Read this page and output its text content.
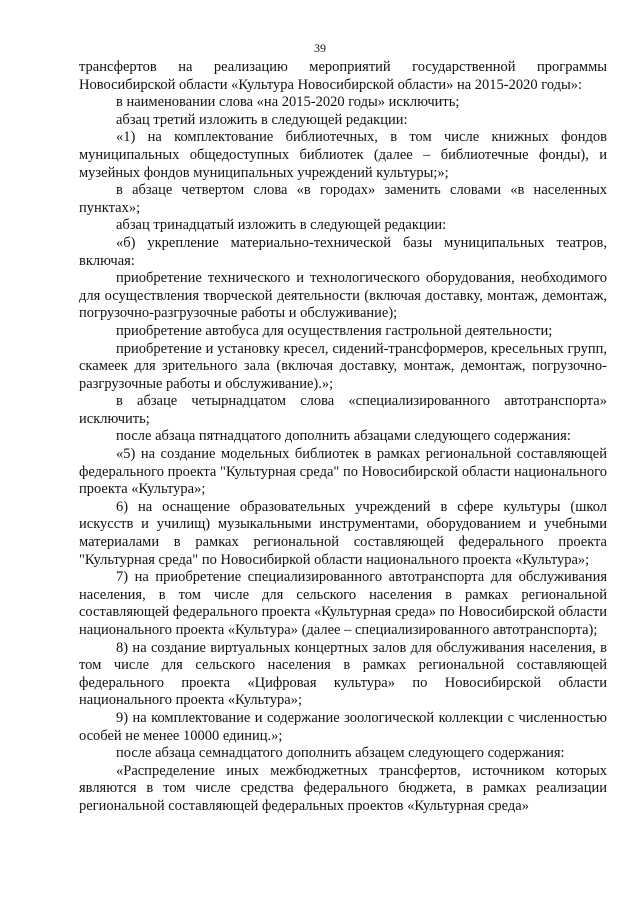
39

трансфертов на реализацию мероприятий государственной программы Новосибирской области «Культура Новосибирской области» на 2015-2020 годы»:

в наименовании слова «на 2015-2020 годы» исключить;

абзац третий изложить в следующей редакции:

«1) на комплектование библиотечных, в том числе книжных фондов муниципальных общедоступных библиотек (далее – библиотечные фонды), и музейных фондов муниципальных учреждений культуры;»;

в абзаце четвертом слова «в городах» заменить словами «в населенных пунктах»;

абзац тринадцатый изложить в следующей редакции:

«б) укрепление материально-технической базы муниципальных театров, включая:

приобретение технического и технологического оборудования, необходимого для осуществления творческой деятельности (включая доставку, монтаж, демонтаж, погрузочно-разгрузочные работы и обслуживание);

приобретение автобуса для осуществления гастрольной деятельности;

приобретение и установку кресел, сидений-трансформеров, кресельных групп, скамеек для зрительного зала (включая доставку, монтаж, демонтаж, погрузочно-разгрузочные работы и обслуживание).»;

в абзаце четырнадцатом слова «специализированного автотранспорта» исключить;

после абзаца пятнадцатого дополнить абзацами следующего содержания:

«5) на создание модельных библиотек в рамках региональной составляющей федерального проекта "Культурная среда" по Новосибирской области национального проекта «Культура»;

6) на оснащение образовательных учреждений в сфере культуры (школ искусств и училищ) музыкальными инструментами, оборудованием и учебными материалами в рамках региональной составляющей федерального проекта "Культурная среда" по Новосибиркой области национального проекта «Культура»;

7) на приобретение специализированного автотранспорта для обслуживания населения, в том числе для сельского населения в рамках региональной составляющей федерального проекта «Культурная среда» по Новосибирской области национального проекта «Культура» (далее – специализированного автотранспорта);

8) на создание виртуальных концертных залов для обслуживания населения, в том числе для сельского населения в рамках региональной составляющей федерального проекта «Цифровая культура» по Новосибирской области национального проекта «Культура»;

9) на комплектование и содержание зоологической коллекции с численностью особей не менее 10000 единиц.»;

после абзаца семнадцатого дополнить абзацем следующего содержания:

«Распределение иных межбюджетных трансфертов, источником которых являются в том числе средства федерального бюджета, в рамках реализации региональной составляющей федеральных проектов «Культурная среда»
